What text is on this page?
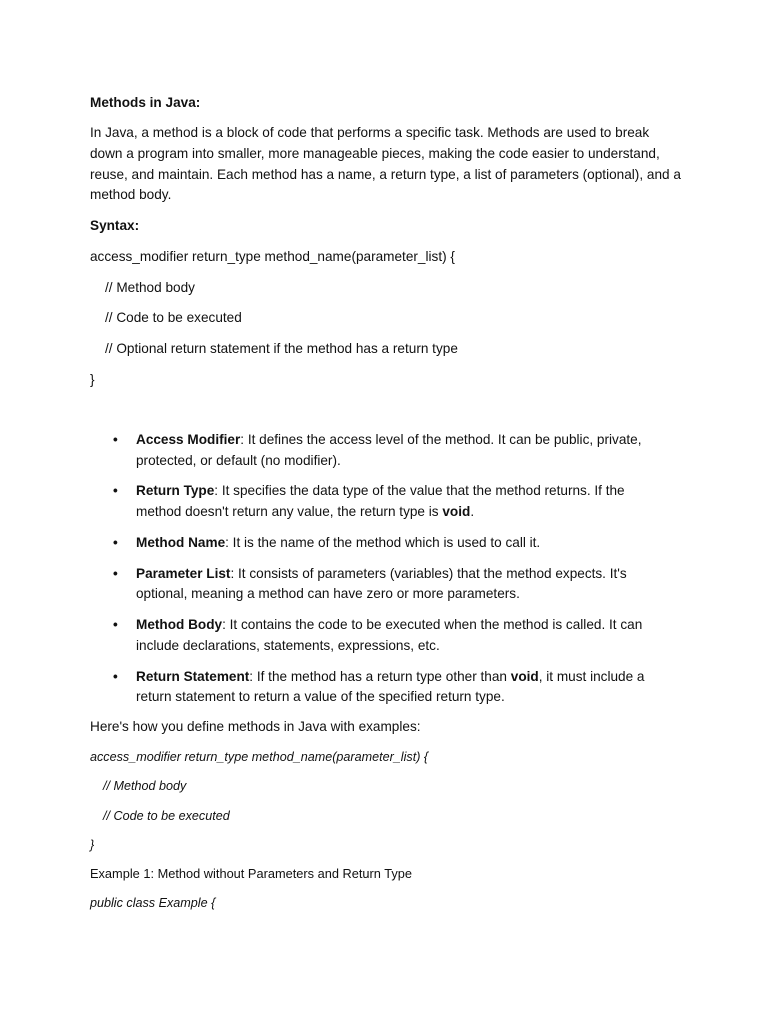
Methods in Java:
In Java, a method is a block of code that performs a specific task. Methods are used to break down a program into smaller, more manageable pieces, making the code easier to understand, reuse, and maintain. Each method has a name, a return type, a list of parameters (optional), and a method body.
Syntax:
access_modifier return_type method_name(parameter_list) {
// Method body
// Code to be executed
// Optional return statement if the method has a return type
}
• Access Modifier: It defines the access level of the method. It can be public, private, protected, or default (no modifier).
• Return Type: It specifies the data type of the value that the method returns. If the method doesn't return any value, the return type is void.
• Method Name: It is the name of the method which is used to call it.
• Parameter List: It consists of parameters (variables) that the method expects. It's optional, meaning a method can have zero or more parameters.
• Method Body: It contains the code to be executed when the method is called. It can include declarations, statements, expressions, etc.
• Return Statement: If the method has a return type other than void, it must include a return statement to return a value of the specified return type.
Here's how you define methods in Java with examples:
access_modifier return_type method_name(parameter_list) {
// Method body
// Code to be executed
}
Example 1: Method without Parameters and Return Type
public class Example {
